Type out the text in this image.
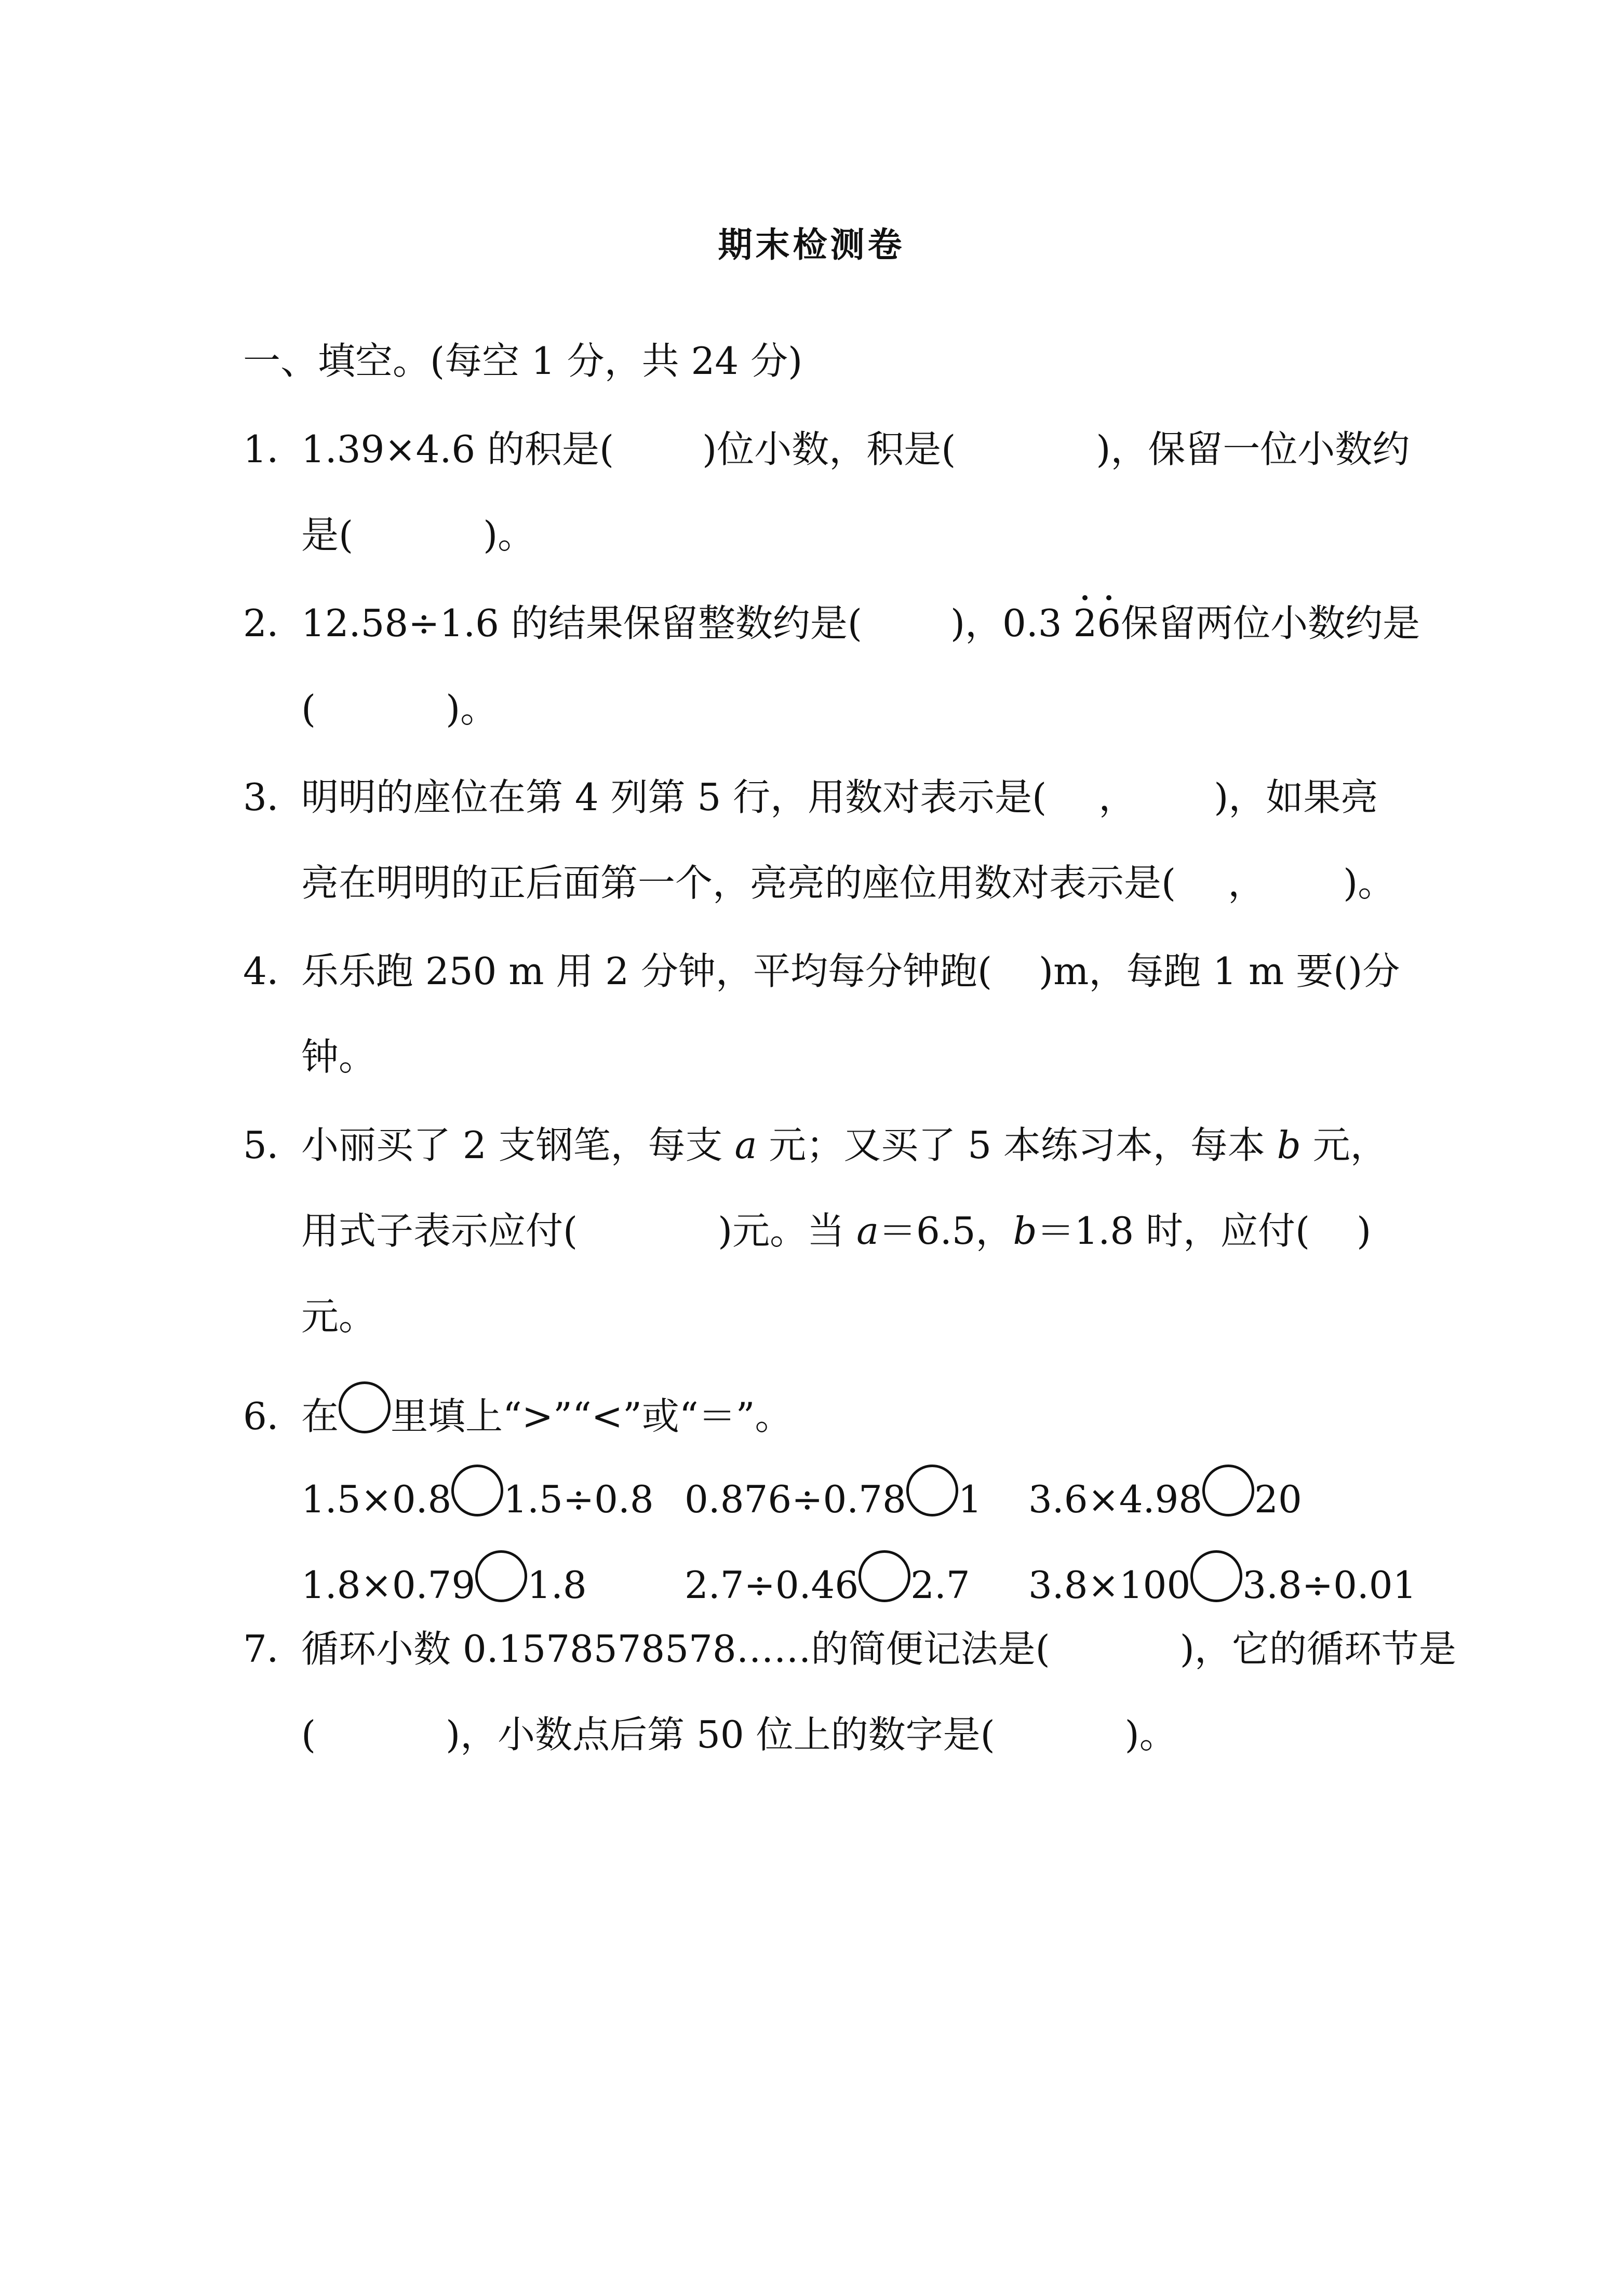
期末检测卷
一、填空。(每空 1 分，共 24 分)
1．1.39×4.6 的积是( )位小数，积是(	)，保留一位小数约
是(	)。
2．12.58÷1.6 的结果保留整数约是( )，0.3 2
6
保留两位小数约是
(	)。
3．明明的座位在第 4 列第 5 行，用数对表示是( ， )，如果亮
亮在明明的正后面第一个，亮亮的座位用数对表示是( ， )。
4．乐乐跑 250 m 用 2 分钟，平均每分钟跑( )m，每跑 1 m 要()分
钟。
5．小丽买了 2 支钢笔，每支 a 元；又买了 5 本练习本，每本 b 元，
用式子表示应付(	)元。当 a＝6.5，b＝1.8 时，应付( )
元。
6．在 里填上“>”“<”或“＝”。
1.5×0.8 1.5÷0.8 0.876÷0.78 1 3.6×4.98 20
1.8×0.79 1.8	2.7÷0.46 2.7 3.8×100 3.8÷0.01
7．循环小数 0.1578578578……的简便记法是(	)，它的循环节是
(	)，小数点后第 50 位上的数字是(	)。
